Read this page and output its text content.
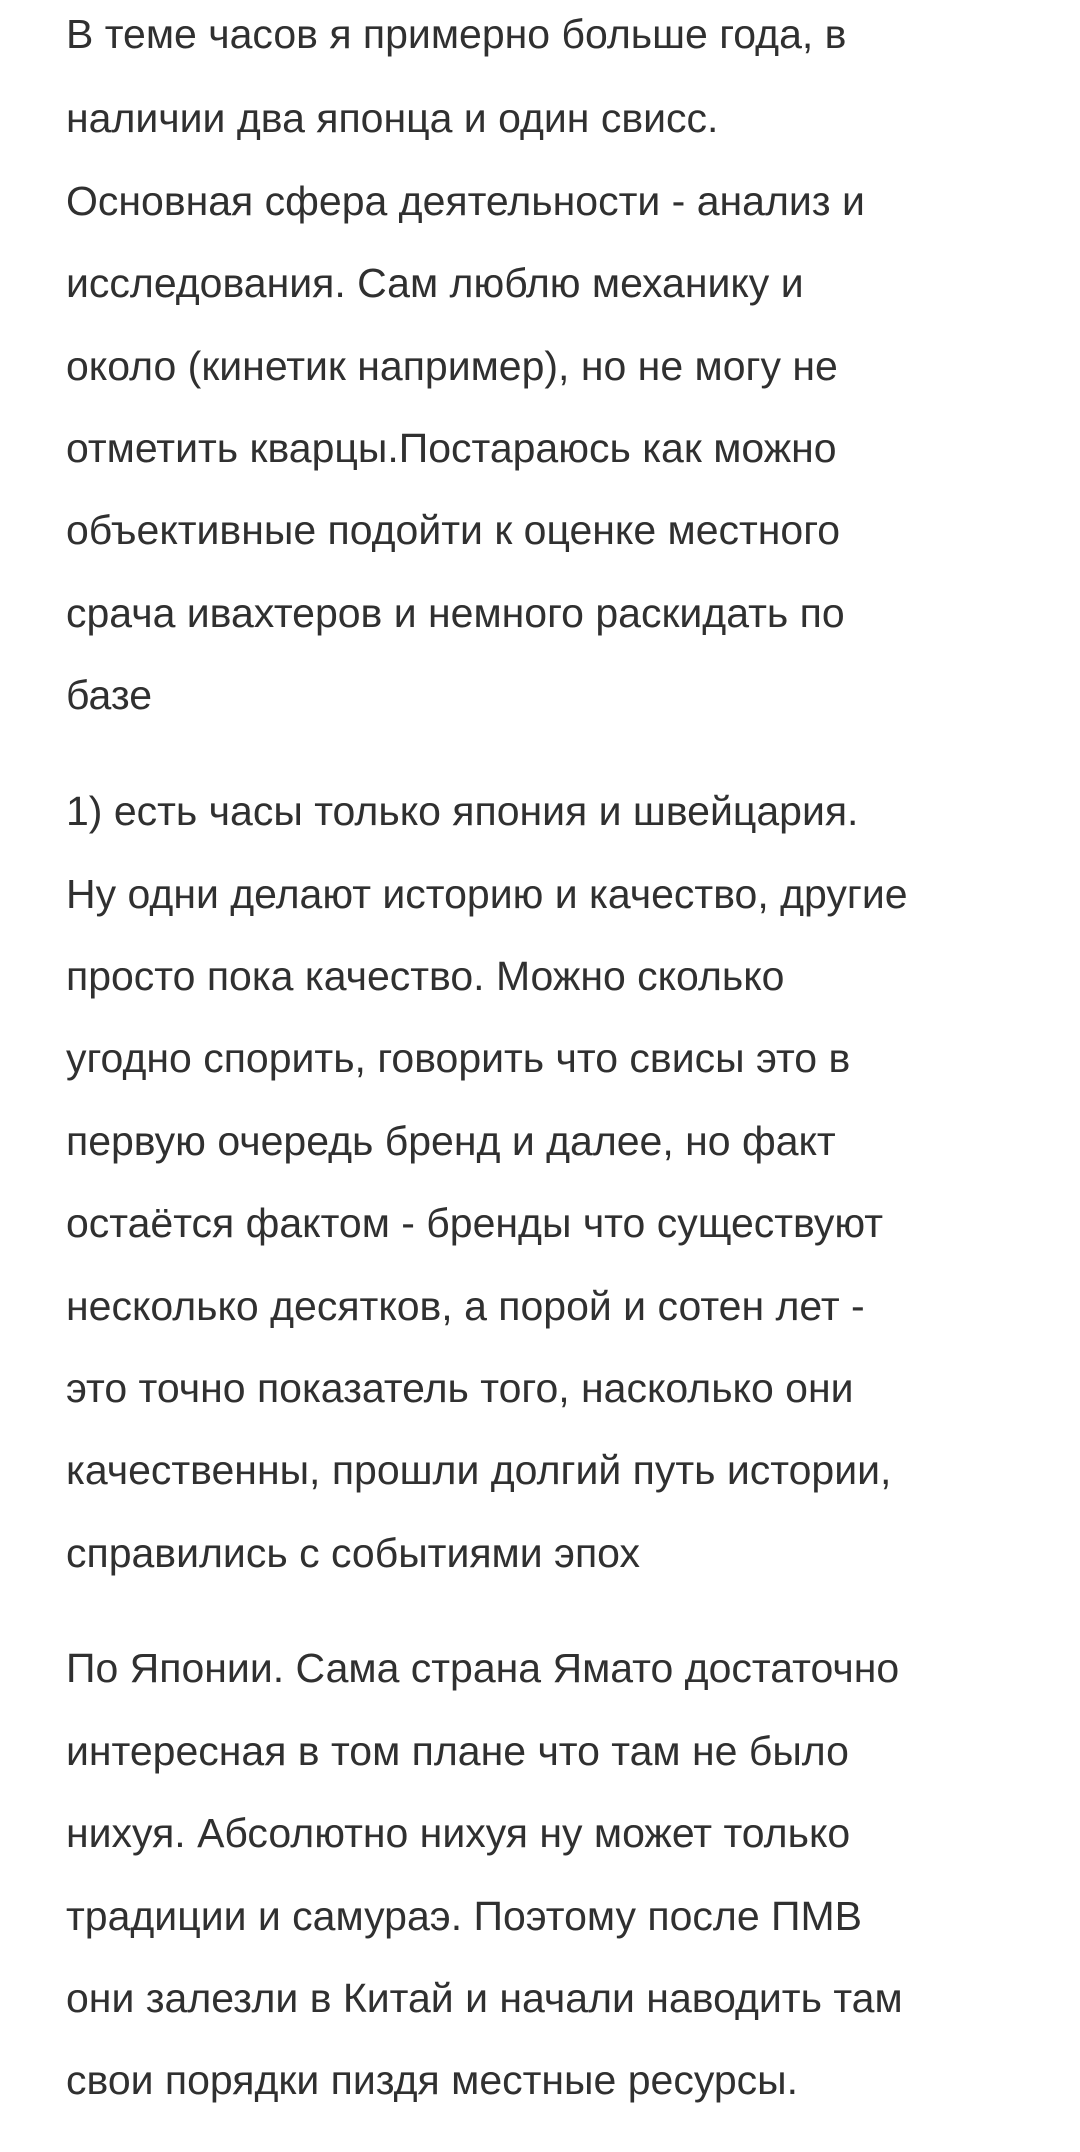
В теме часов я примерно больше года, в
наличии два японца и один свисс.
Основная сфера деятельности - анализ и
исследования. Сам люблю механику и
около (кинетик например), но не могу не
отметить кварцы.Постараюсь как можно
объективные подойти к оценке местного
срача ивахтеров и немного раскидать по
базе
1) есть часы только япония и швейцария.
Ну одни делают историю и качество, другие
просто пока качество. Можно сколько
угодно спорить, говорить что свисы это в
первую очередь бренд и далее, но факт
остаётся фактом - бренды что существуют
несколько десятков, а порой и сотен лет -
это точно показатель того, насколько они
качественны, прошли долгий путь истории,
справились с событиями эпох
По Японии. Сама страна Ямато достаточно
интересная в том плане что там не было
нихуя. Абсолютно нихуя ну может только
традиции и самураэ. Поэтому после ПМВ
они залезли в Китай и начали наводить там
свои порядки пиздя местные ресурсы.
